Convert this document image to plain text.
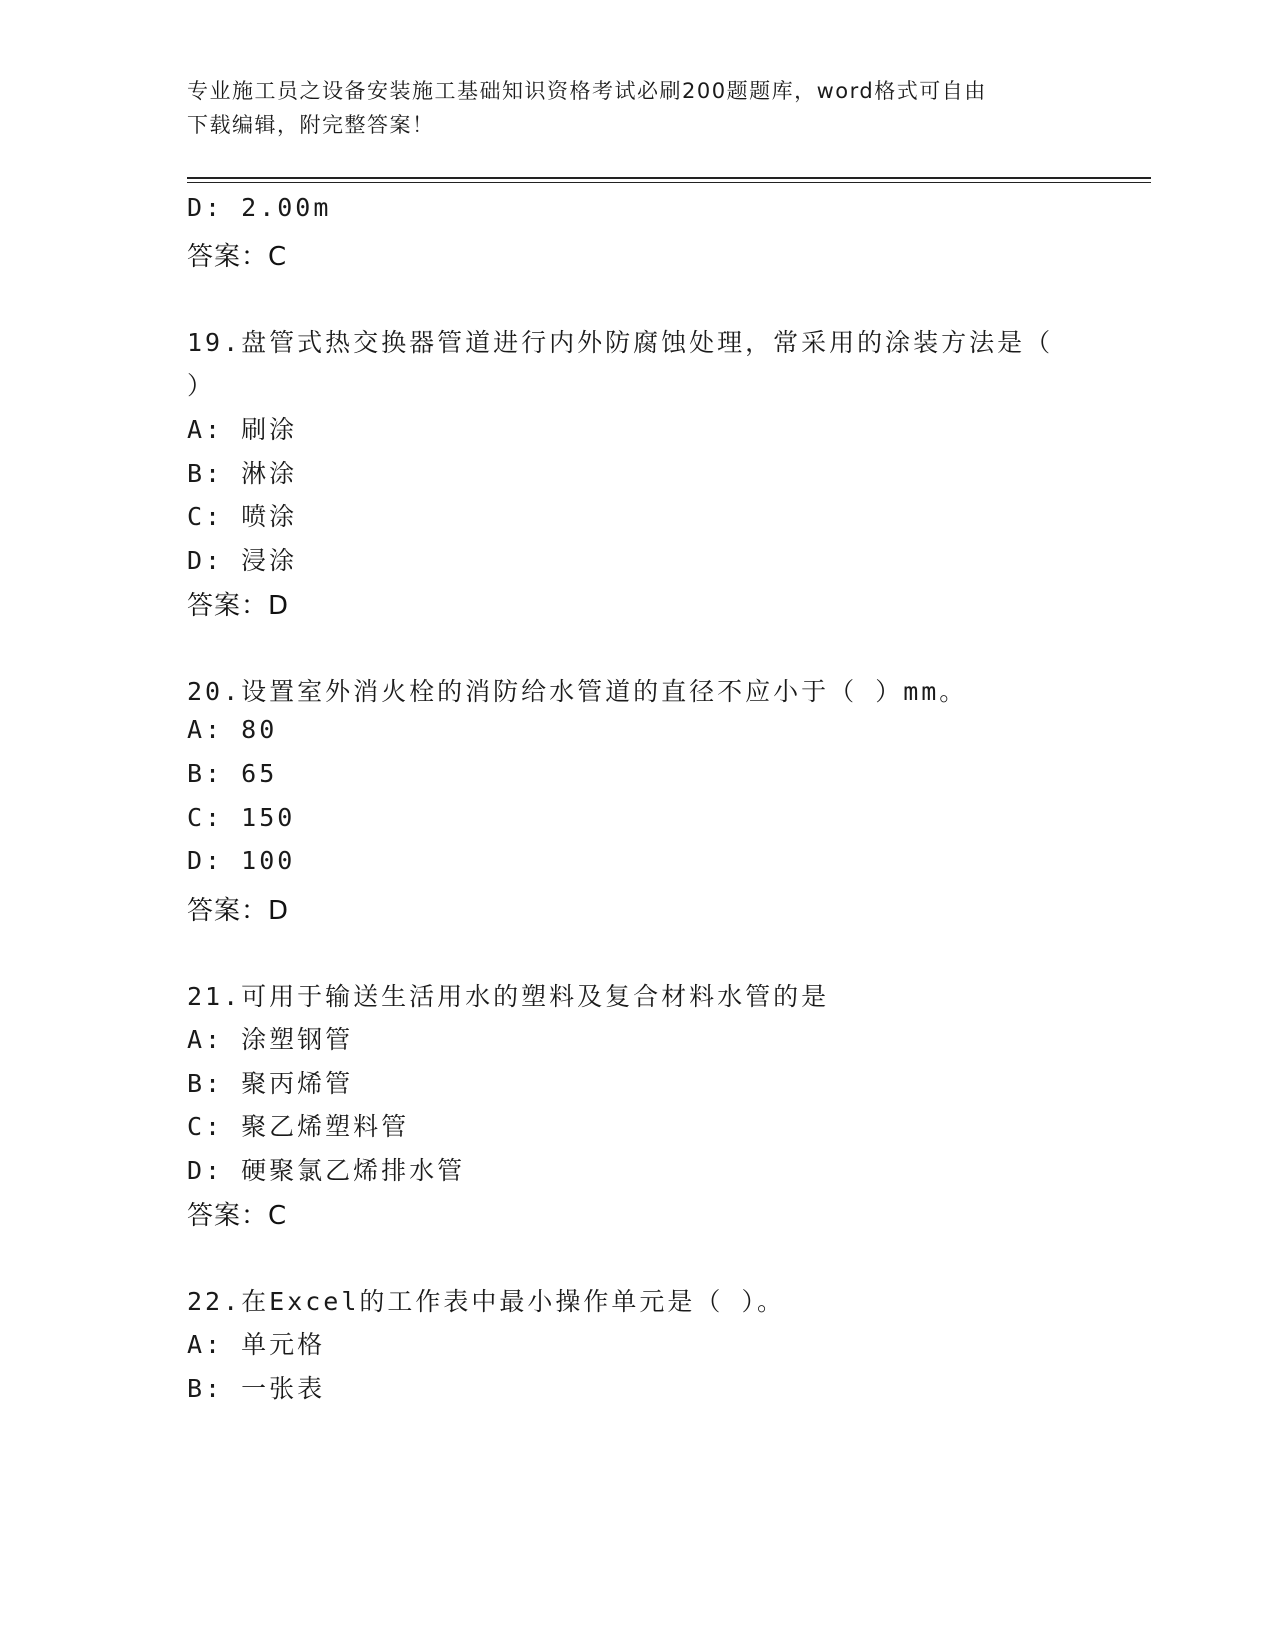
专业施工员之设备安装施工基础知识资格考试必刷200题题库，word格式可自由
下载编辑，附完整答案！
D: 2.00m
答案：C
19.盘管式热交换器管道进行内外防腐蚀处理，常采用的涂装方法是（
）
A: 刷涂
B: 淋涂
C: 喷涂
D: 浸涂
答案：D
20.设置室外消火栓的消防给水管道的直径不应小于（ ）mm。
A: 80
B: 65
C: 150
D: 100
答案：D
21.可用于输送生活用水的塑料及复合材料水管的是
A: 涂塑钢管
B: 聚丙烯管
C: 聚乙烯塑料管
D: 硬聚氯乙烯排水管
答案：C
22.在Excel的工作表中最小操作单元是（ ）。
A: 单元格
B: 一张表
